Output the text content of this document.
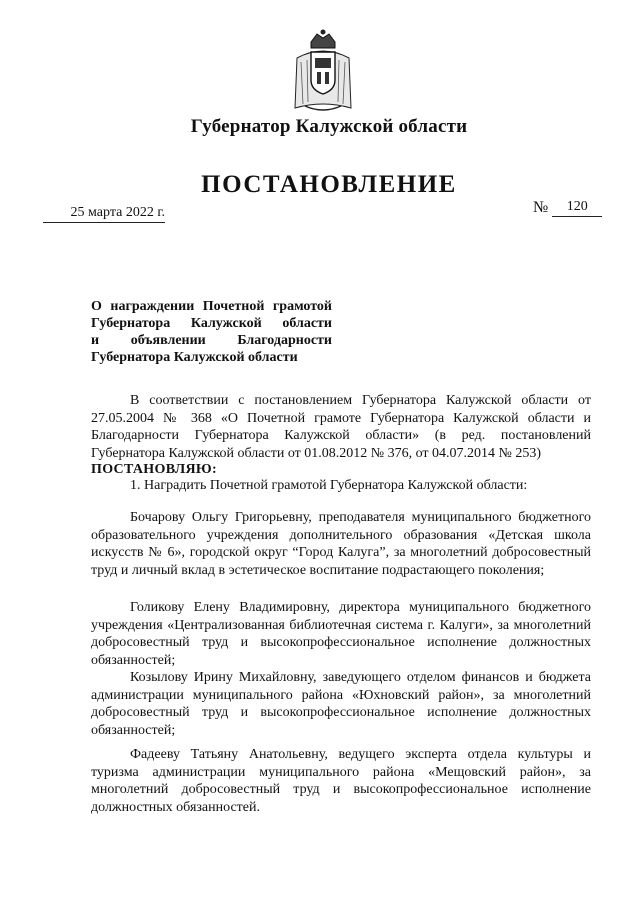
Губернатор Калужской области
ПОСТАНОВЛЕНИЕ
25 марта 2022 г.	№ 120
О награждении Почетной грамотой
Губернатора Калужской области
и объявлении Благодарности
Губернатора Калужской области
В соответствии с постановлением Губернатора Калужской области от 27.05.2004 № 368 «О Почетной грамоте Губернатора Калужской области и Благодарности Губернатора Калужской области» (в ред. постановлений Губернатора Калужской области от 01.08.2012 № 376, от 04.07.2014 № 253)
ПОСТАНОВЛЯЮ:
1. Наградить Почетной грамотой Губернатора Калужской области:
Бочарову Ольгу Григорьевну, преподавателя муниципального бюджетного образовательного учреждения дополнительного образования «Детская школа искусств № 6», городской округ “Город Калуга”, за многолетний добросовестный труд и личный вклад в эстетическое воспитание подрастающего поколения;
Голикову Елену Владимировну, директора муниципального бюджетного учреждения «Централизованная библиотечная система г. Калуги», за многолетний добросовестный труд и высокопрофессиональное исполнение должностных обязанностей;
Козылову Ирину Михайловну, заведующего отделом финансов и бюджета администрации муниципального района «Юхновский район», за многолетний добросовестный труд и высокопрофессиональное исполнение должностных обязанностей;
Фадееву Татьяну Анатольевну, ведущего эксперта отдела культуры и туризма администрации муниципального района «Мещовский район», за многолетний добросовестный труд и высокопрофессиональное исполнение должностных обязанностей.
